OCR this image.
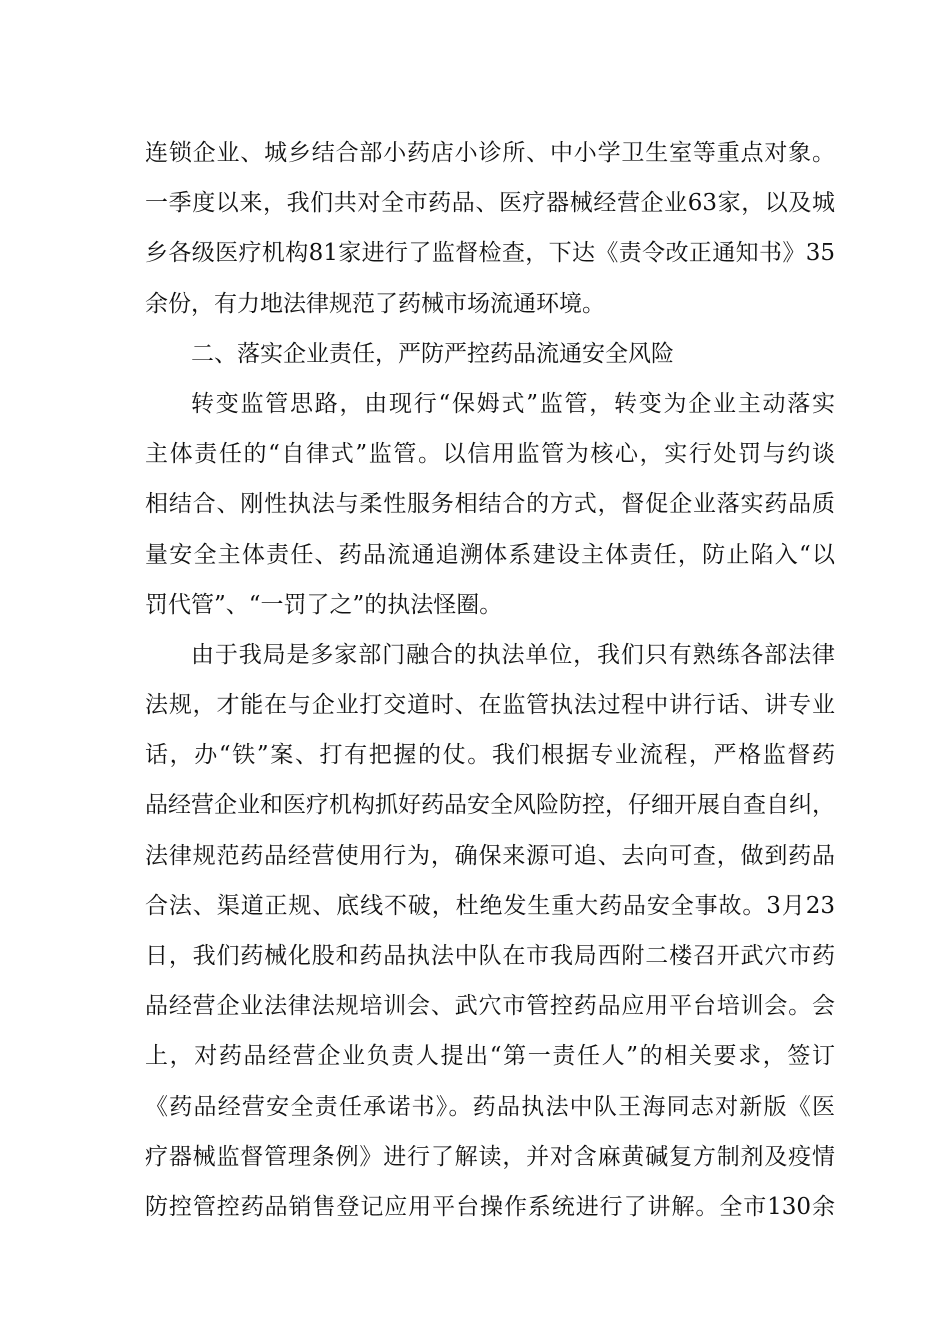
连锁企业、城乡结合部小药店小诊所、中小学卫生室等重点对象。
一季度以来，我们共对全市药品、医疗器械经营企业63家，以及城
乡各级医疗机构81家进行了监督检查，下达《责令改正通知书》35
余份，有力地法律规范了药械市场流通环境。
二、落实企业责任，严防严控药品流通安全风险
转变监管思路，由现行“保姆式”监管，转变为企业主动落实
主体责任的“自律式”监管。以信用监管为核心，实行处罚与约谈
相结合、刚性执法与柔性服务相结合的方式，督促企业落实药品质
量安全主体责任、药品流通追溯体系建设主体责任，防止陷入“以
罚代管”、“一罚了之”的执法怪圈。
由于我局是多家部门融合的执法单位，我们只有熟练各部法律
法规，才能在与企业打交道时、在监管执法过程中讲行话、讲专业
话，办“铁”案、打有把握的仗。我们根据专业流程，严格监督药
品经营企业和医疗机构抓好药品安全风险防控，仔细开展自查自纠，
法律规范药品经营使用行为，确保来源可追、去向可查，做到药品
合法、渠道正规、底线不破，杜绝发生重大药品安全事故。3月23
日，我们药械化股和药品执法中队在市我局西附二楼召开武穴市药
品经营企业法律法规培训会、武穴市管控药品应用平台培训会。会
上，对药品经营企业负责人提出“第一责任人”的相关要求，签订
《药品经营安全责任承诺书》。药品执法中队王海同志对新版《医
疗器械监督管理条例》进行了解读，并对含麻黄碱复方制剂及疫情
防控管控药品销售登记应用平台操作系统进行了讲解。全市130余
